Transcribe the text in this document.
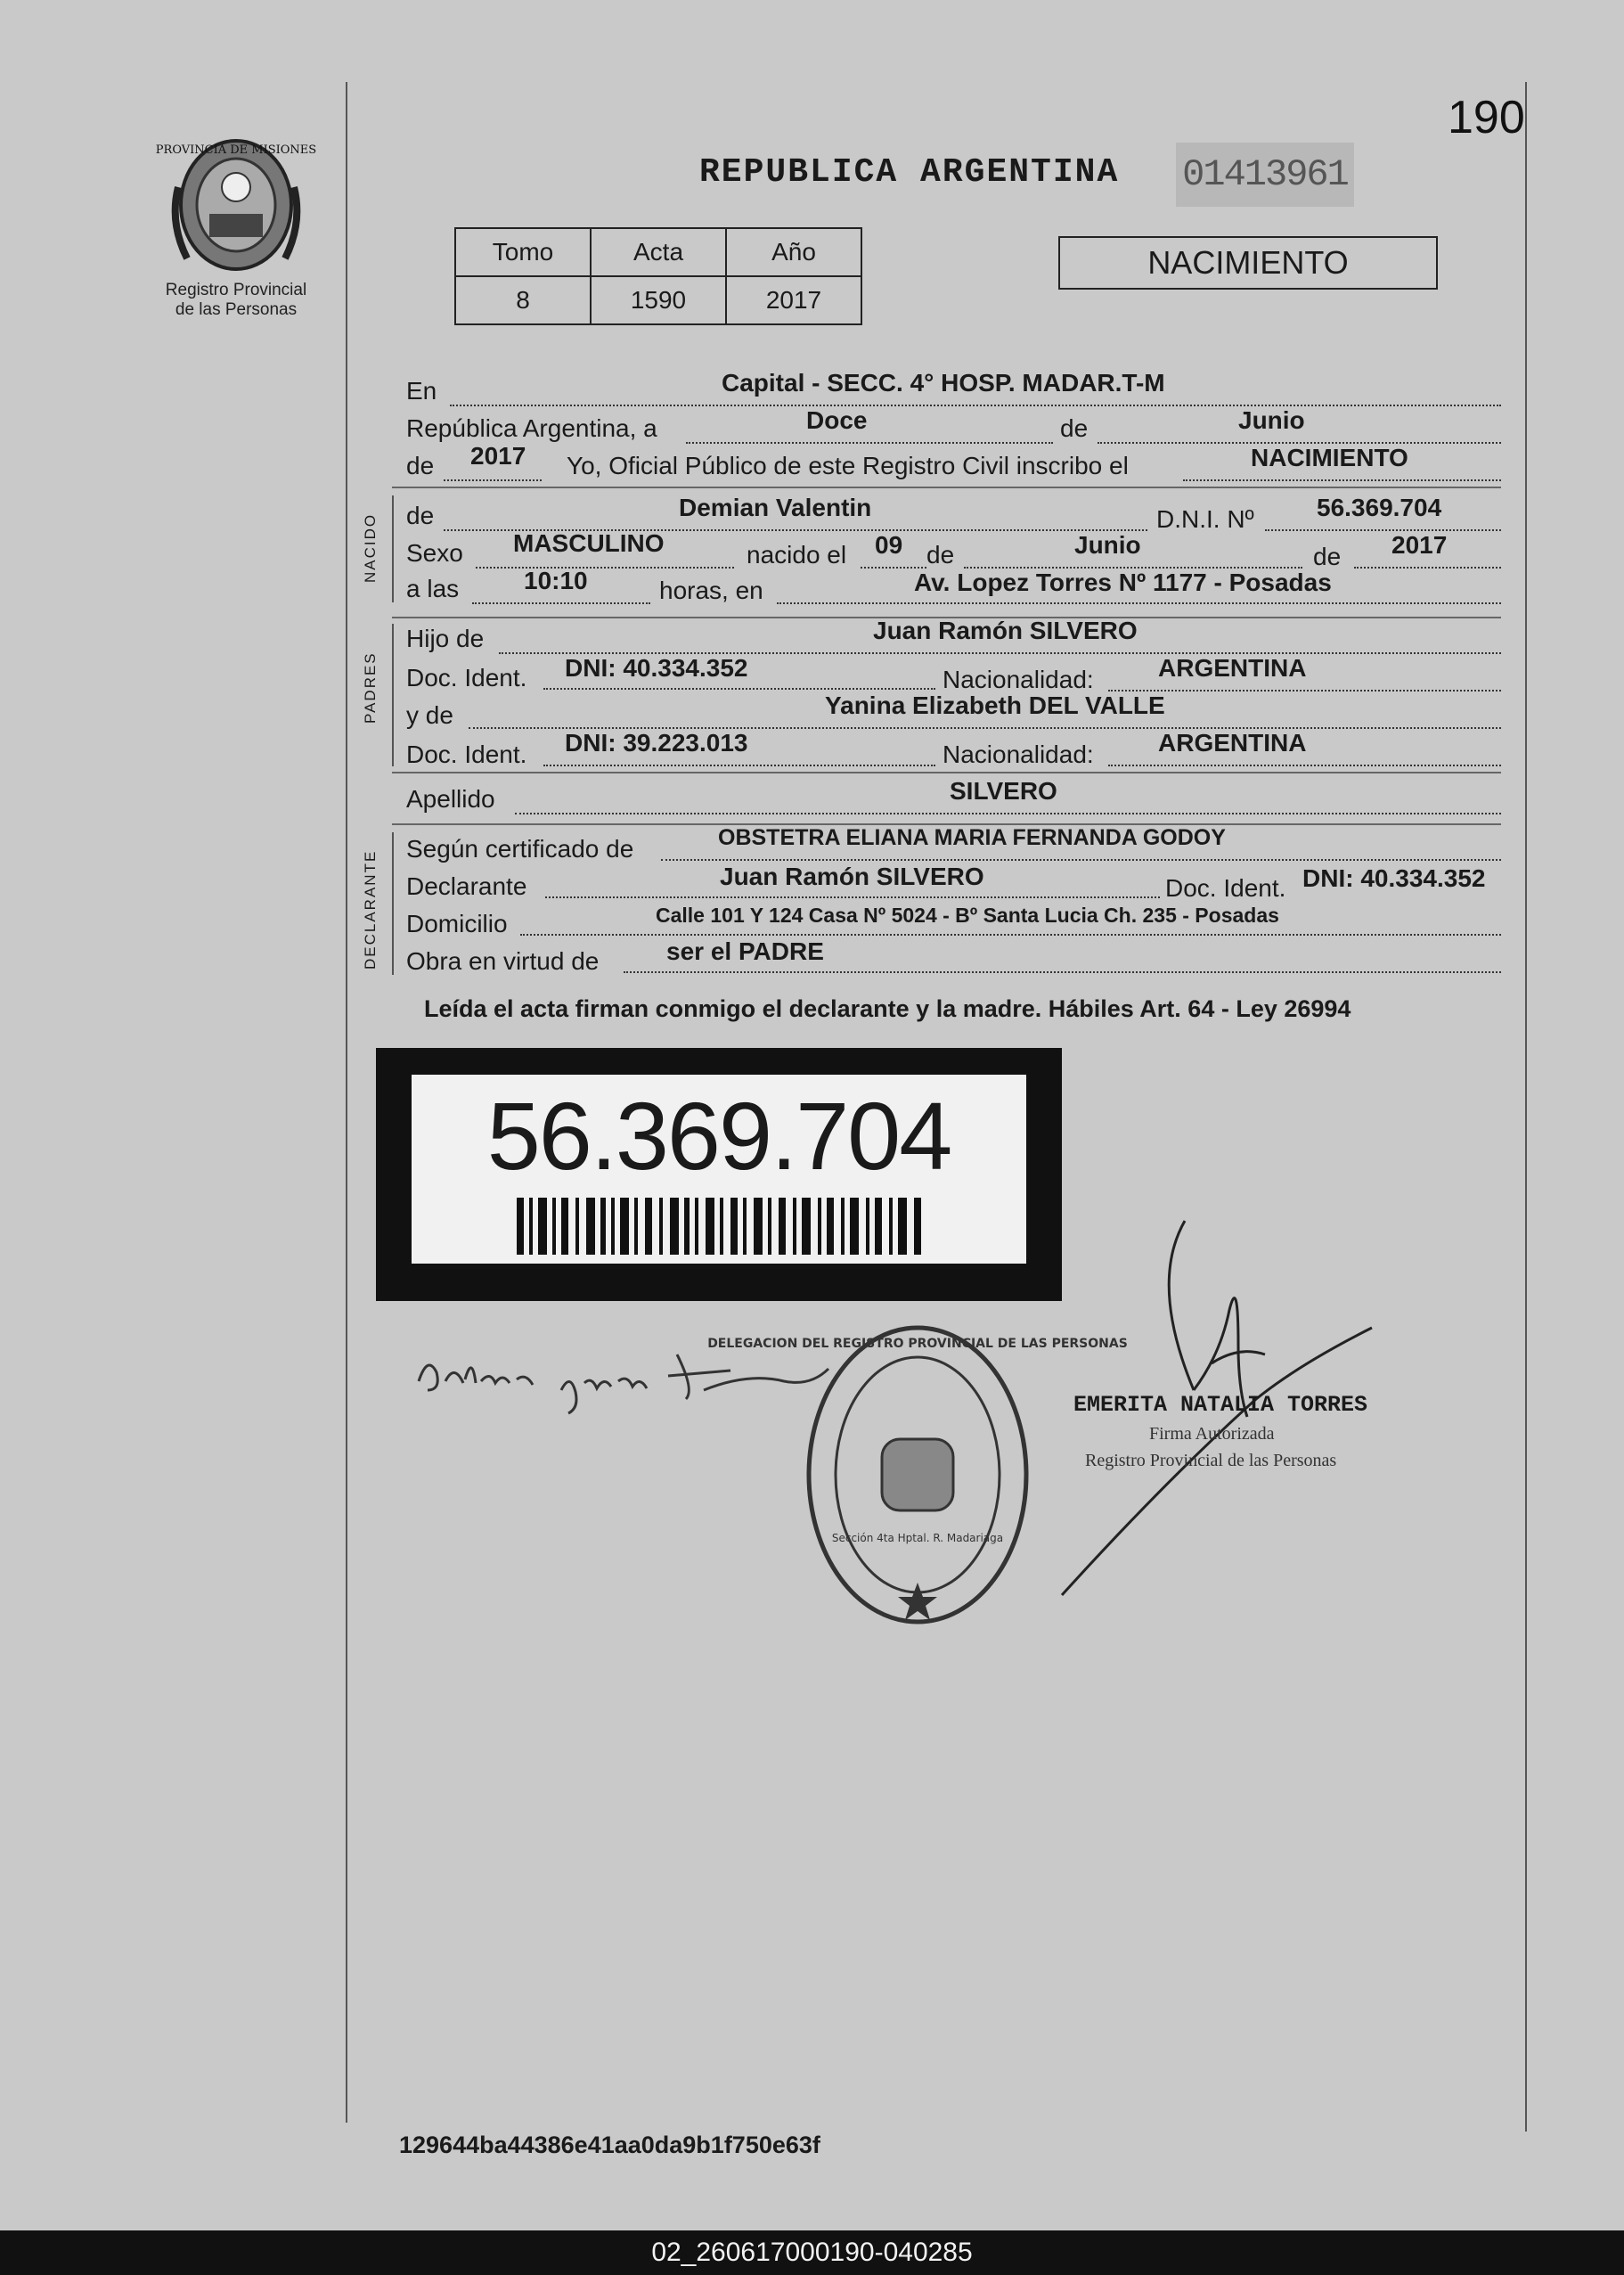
PROVINCIA DE MISIONES
Registro Provincial
de las Personas
190
REPUBLICA ARGENTINA 01413961
Tomo	Acta	Año
8	1590	2017
NACIMIENTO
En	Capital - SECC. 4° HOSP. MADAR.T-M
República Argentina, a	Doce	de	Junio
de 2017 Yo, Oficial Público de este Registro Civil inscribo el	NACIMIENTO
NACIDO de	Demian Valentin	D.N.I. Nº	56.369.704
Sexo MASCULINO	nacido el 09 de	Junio	de 2017
a las	10:10	horas, en	Av. Lopez Torres Nº 1177 - Posadas
PADRES
Hijo de	Juan Ramón SILVERO
Doc. Ident. DNI: 40.334.352	Nacionalidad:	ARGENTINA
y de	Yanina Elizabeth DEL VALLE
Doc. Ident. DNI: 39.223.013	Nacionalidad:	ARGENTINA
Apellido	SILVERO
DECLARANTE
Según certificado de	OBSTETRA ELIANA MARIA FERNANDA GODOY
Declarante	Juan Ramón SILVERO	Doc. Ident. DNI: 40.334.352
Domicilio	Calle 101 Y 124 Casa Nº 5024 - Bº Santa Lucia Ch. 235 - Posadas
Obra en virtud de	ser el PADRE
Leída el acta firman conmigo el declarante y la madre. Hábiles Art. 64 - Ley 26994
56.369.704
DELEGACION DEL REGISTRO PROVINCIAL DE LAS PERSONAS
Sección 4ta Hptal. R. Madariaga
EMERITA NATALIA TORRES
Firma Autorizada
Registro Provincial de las Personas
129644ba44386e41aa0da9b1f750e63f
02_260617000190-040285
